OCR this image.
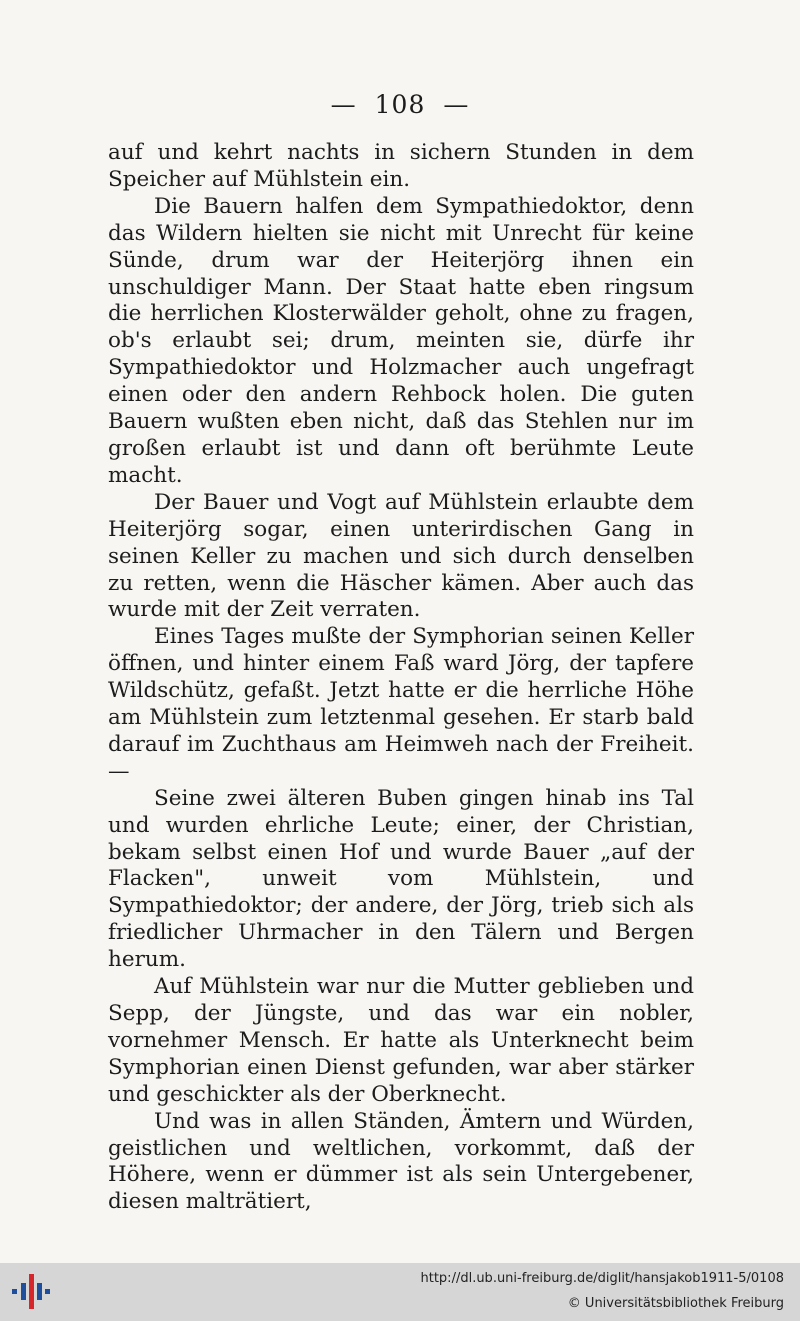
— 108 —

auf und kehrt nachts in sichern Stunden in dem Speicher auf Mühlstein ein.

Die Bauern halfen dem Sympathiedoktor, denn das Wildern hielten sie nicht mit Unrecht für keine Sünde, drum war der Heiterjörg ihnen ein unschuldiger Mann. Der Staat hatte eben ringsum die herrlichen Klosterwälder geholt, ohne zu fragen, ob's erlaubt sei; drum, meinten sie, dürfe ihr Sympathiedoktor und Holzmacher auch ungefragt einen oder den andern Rehbock holen. Die guten Bauern wußten eben nicht, daß das Stehlen nur im großen erlaubt ist und dann oft berühmte Leute macht.

Der Bauer und Vogt auf Mühlstein erlaubte dem Heiterjörg sogar, einen unterirdischen Gang in seinen Keller zu machen und sich durch denselben zu retten, wenn die Häscher kämen. Aber auch das wurde mit der Zeit verraten.

Eines Tages mußte der Symphorian seinen Keller öffnen, und hinter einem Faß ward Jörg, der tapfere Wildschütz, gefaßt. Jetzt hatte er die herrliche Höhe am Mühlstein zum letztenmal gesehen. Er starb bald darauf im Zuchthaus am Heimweh nach der Freiheit. —

Seine zwei älteren Buben gingen hinab ins Tal und wurden ehrliche Leute; einer, der Christian, bekam selbst einen Hof und wurde Bauer „auf der Flacken", unweit vom Mühlstein, und Sympathiedoktor; der andere, der Jörg, trieb sich als friedlicher Uhrmacher in den Tälern und Bergen herum.

Auf Mühlstein war nur die Mutter geblieben und Sepp, der Jüngste, und das war ein nobler, vornehmer Mensch. Er hatte als Unterknecht beim Symphorian einen Dienst gefunden, war aber stärker und geschickter als der Oberknecht.

Und was in allen Ständen, Ämtern und Würden, geistlichen und weltlichen, vorkommt, daß der Höhere, wenn er dümmer ist als sein Untergebener, diesen malträtiert,

http://dl.ub.uni-freiburg.de/diglit/hansjakob1911-5/0108
© Universitätsbibliothek Freiburg
